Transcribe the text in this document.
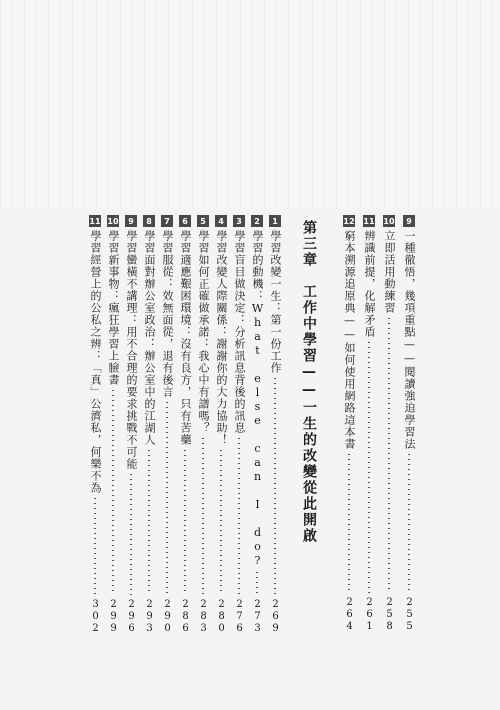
9
一種徹悟，幾項重點——閱讀強迫學習法
255
10
立即活用動練習
258
11
辨識前提，化解矛盾
261
12
窮本溯源追原典——如何使用網路這本書
264
第三章　工作中學習——一生的改變從此開啟
1
學習改變一生：第一份工作
269
2
學習的動機：What else can I do?
273
3
學習盲目做決定：分析訊息背後的訊息
276
4
學習改變人際關係：謝謝你的大力協助！
280
5
學習如何正確做承諾：我心中有譜嗎？
283
6
學習適應艱困環境：沒有良方，只有苦藥
286
7
學習服從：效無面從，退有後言
290
8
學習面對辦公室政治：辦公室中的江湖人
293
9
學習蠻橫不講理：用不合理的要求挑戰不可能
296
10
學習新事物：瘋狂學習上臉書
299
11
學習經營上的公私之辨：「真」公濟私，何樂不為
302
